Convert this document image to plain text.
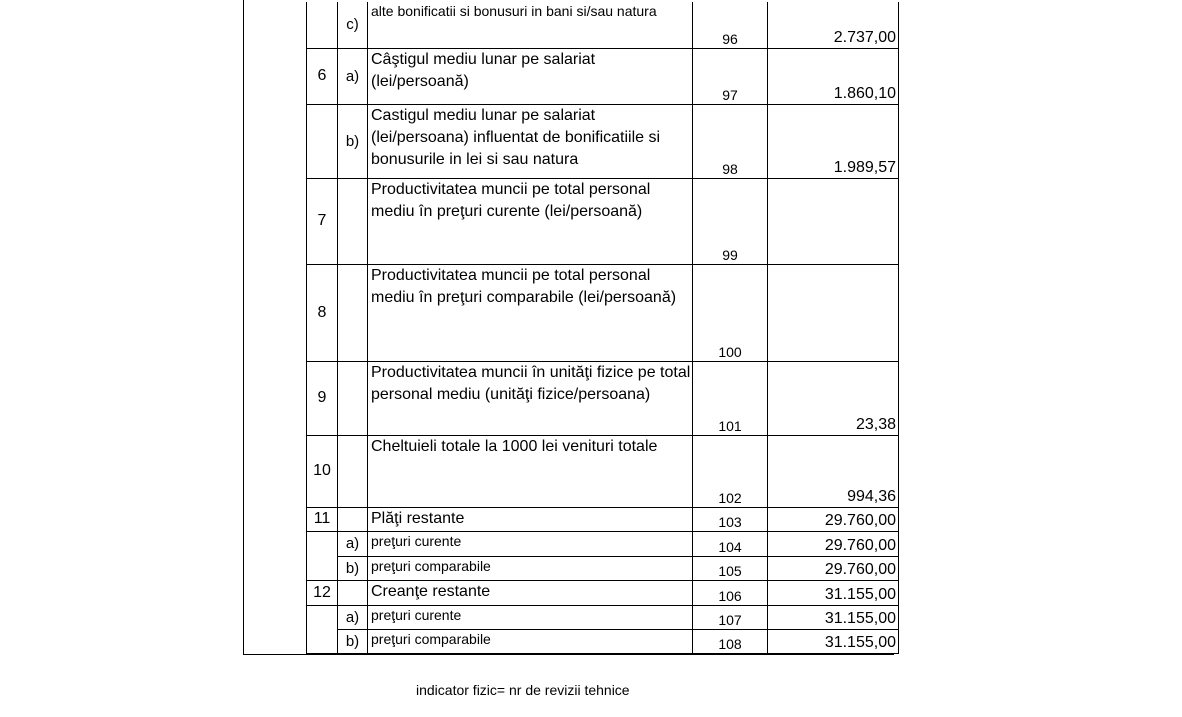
	c)	alte bonificatii si bonusuri in bani si/sau natura	96	2.737,00
6	a)	Câştigul mediu lunar pe salariat (lei/persoană)	97	1.860,10
	b)	Castigul mediu lunar pe salariat (lei/persoana) influentat de bonificatiile si bonusurile in lei si sau natura	98	1.989,57
7		Productivitatea muncii pe total personal mediu în preţuri curente (lei/persoană)	99	
8		Productivitatea muncii pe total personal mediu în preţuri comparabile (lei/persoană)	100	
9		Productivitatea muncii în unităţi fizice pe total personal mediu (unităţi fizice/persoana)	101	23,38
10		Cheltuieli totale la 1000 lei venituri totale	102	994,36
11		Plăţi restante	103	29.760,00
	a)	preţuri curente	104	29.760,00
	b)	preţuri comparabile	105	29.760,00
12		Creanţe restante	106	31.155,00
	a)	preţuri curente	107	31.155,00
	b)	preţuri comparabile	108	31.155,00
indicator fizic= nr de revizii tehnice
